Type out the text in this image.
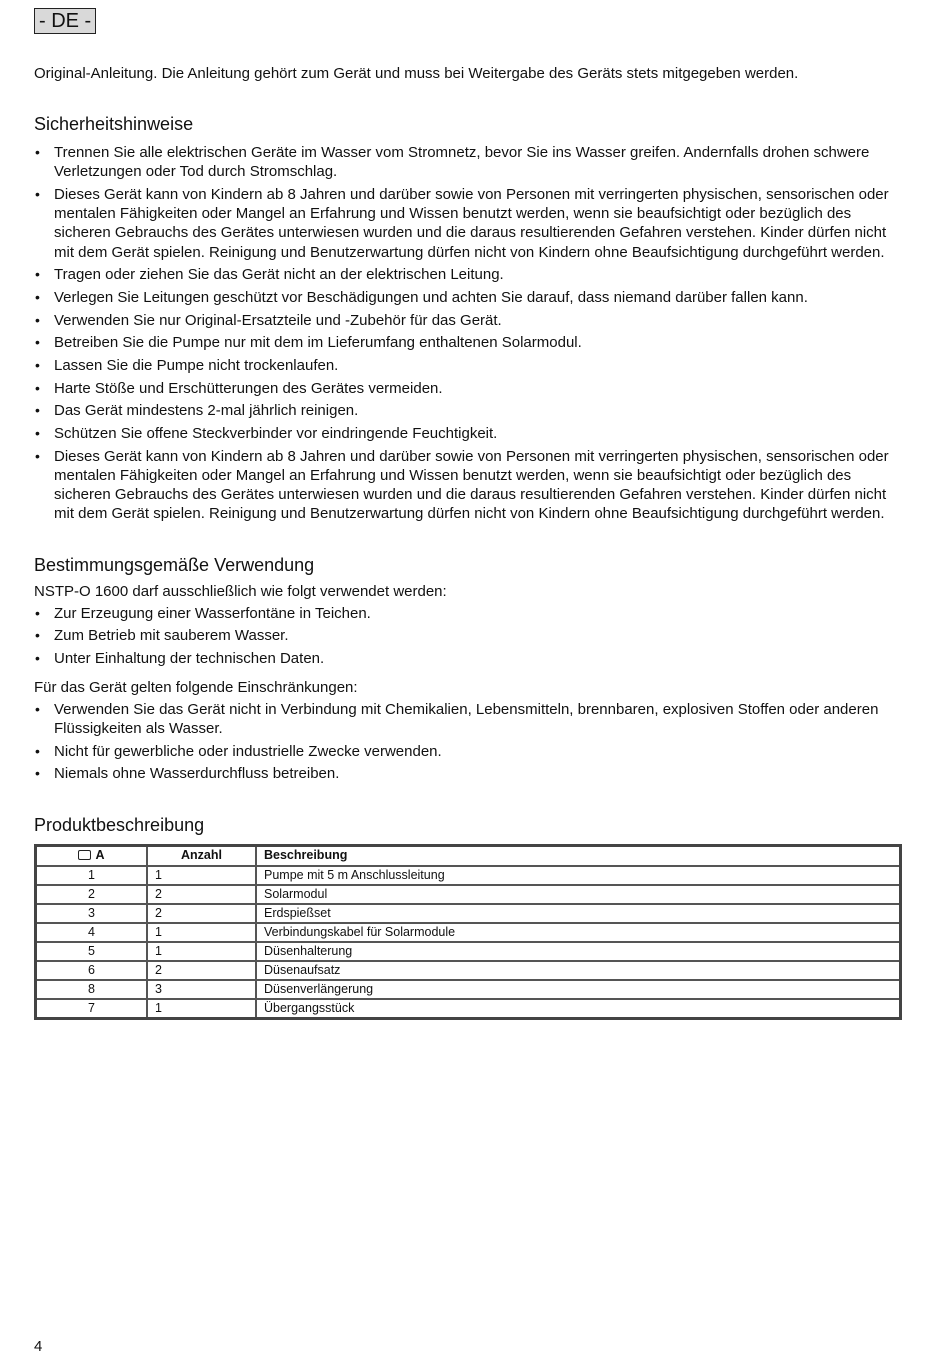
- DE -
Original-Anleitung. Die Anleitung gehört zum Gerät und muss bei Weitergabe des Geräts stets mitgegeben werden.
Sicherheitshinweise
• Trennen Sie alle elektrischen Geräte im Wasser vom Stromnetz, bevor Sie ins Wasser greifen. Andernfalls drohen schwere Verletzungen oder Tod durch Stromschlag.
• Dieses Gerät kann von Kindern ab 8 Jahren und darüber sowie von Personen mit verringerten physischen, sensorischen oder mentalen Fähigkeiten oder Mangel an Erfahrung und Wissen benutzt werden, wenn sie beaufsichtigt oder bezüglich des sicheren Gebrauchs des Gerätes unterwiesen wurden und die daraus resultierenden Gefahren verstehen. Kinder dürfen nicht mit dem Gerät spielen. Reinigung und Benutzerwartung dürfen nicht von Kindern ohne Beaufsichtigung durchgeführt werden.
• Tragen oder ziehen Sie das Gerät nicht an der elektrischen Leitung.
• Verlegen Sie Leitungen geschützt vor Beschädigungen und achten Sie darauf, dass niemand darüber fallen kann.
• Verwenden Sie nur Original-Ersatzteile und -Zubehör für das Gerät.
• Betreiben Sie die Pumpe nur mit dem im Lieferumfang enthaltenen Solarmodul.
• Lassen Sie die Pumpe nicht trockenlaufen.
• Harte Stöße und Erschütterungen des Gerätes vermeiden.
• Das Gerät mindestens 2-mal jährlich reinigen.
• Schützen Sie offene Steckverbinder vor eindringende Feuchtigkeit.
• Dieses Gerät kann von Kindern ab 8 Jahren und darüber sowie von Personen mit verringerten physischen, sensorischen oder mentalen Fähigkeiten oder Mangel an Erfahrung und Wissen benutzt werden, wenn sie beaufsichtigt oder bezüglich des sicheren Gebrauchs des Gerätes unterwiesen wurden und die daraus resultierenden Gefahren verstehen. Kinder dürfen nicht mit dem Gerät spielen. Reinigung und Benutzerwartung dürfen nicht von Kindern ohne Beaufsichtigung durchgeführt werden.
Bestimmungsgemäße Verwendung

NSTP-O 1600 darf ausschließlich wie folgt verwendet werden:

• Zur Erzeugung einer Wasserfontäne in Teichen.
• Zum Betrieb mit sauberem Wasser.
• Unter Einhaltung der technischen Daten.

Für das Gerät gelten folgende Einschränkungen:

• Verwenden Sie das Gerät nicht in Verbindung mit Chemikalien, Lebensmitteln, brennbaren, explosiven Stoffen oder anderen Flüssigkeiten als Wasser.
• Nicht für gewerbliche oder industrielle Zwecke verwenden.
• Niemals ohne Wasserdurchfluss betreiben.
Produktbeschreibung
A	Anzahl	Beschreibung
1	1	Pumpe mit 5 m Anschlussleitung
2	2	Solarmodul
3	2	Erdspießset
4	1	Verbindungskabel für Solarmodule
5	1	Düsenhalterung
6	2	Düsenaufsatz
8	3	Düsenverlängerung
7	1	Übergangsstück
4
